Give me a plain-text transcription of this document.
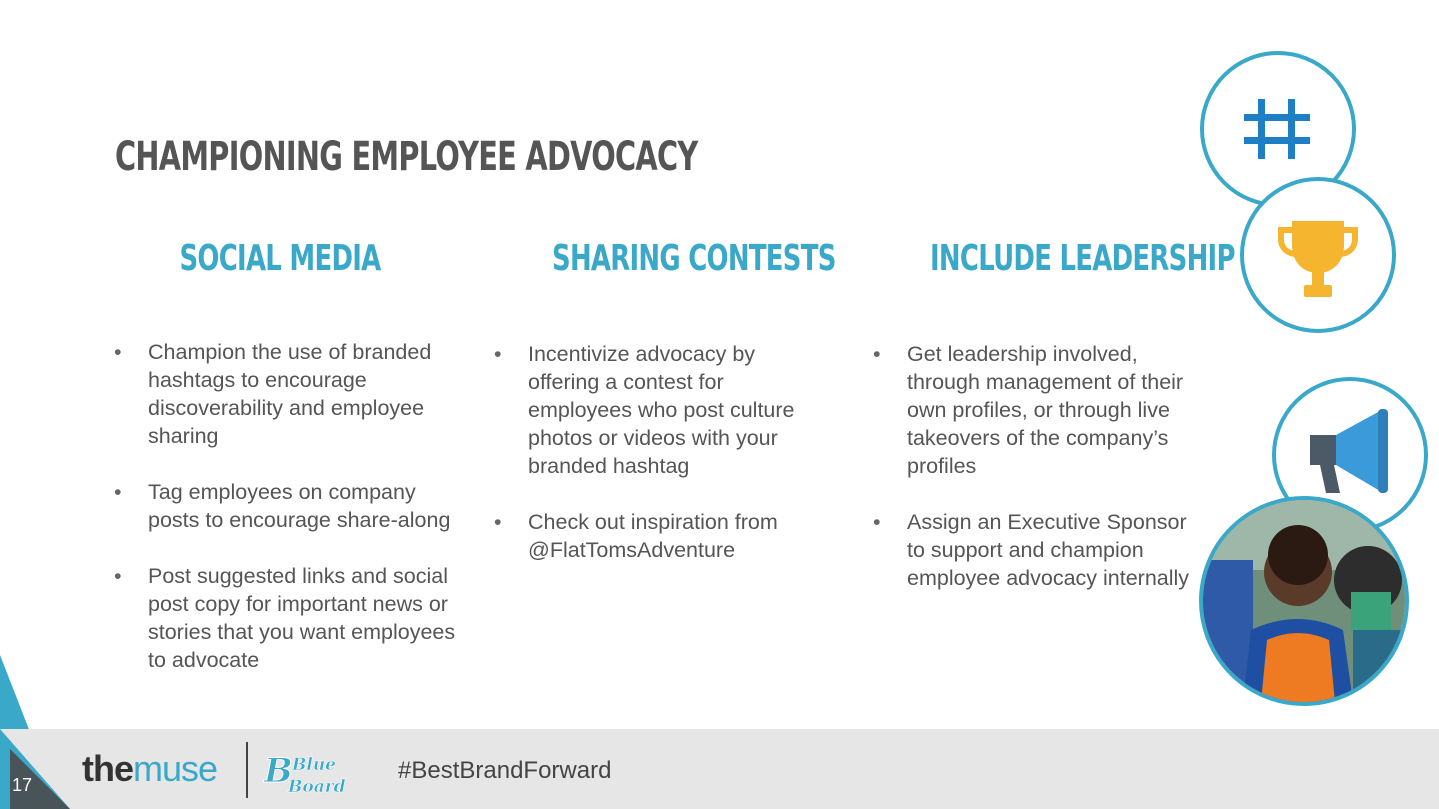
CHAMPIONING EMPLOYEE ADVOCACY
SOCIAL MEDIA	SHARING CONTESTS	INCLUDE LEADERSHIP
• Champion the use of branded hashtags to encourage discoverability and employee sharing
• Tag employees on company posts to encourage share-along
• Post suggested links and social post copy for important news or stories that you want employees to advocate
• Incentivize advocacy by offering a contest for employees who post culture photos or videos with your branded hashtag
• Check out inspiration from @FlatTomsAdventure
• Get leadership involved, through management of their own profiles, or through live takeovers of the company’s profiles
• Assign an Executive Sponsor to support and champion employee advocacy internally
17 themuse B Blue
Board
#BestBrandForward
